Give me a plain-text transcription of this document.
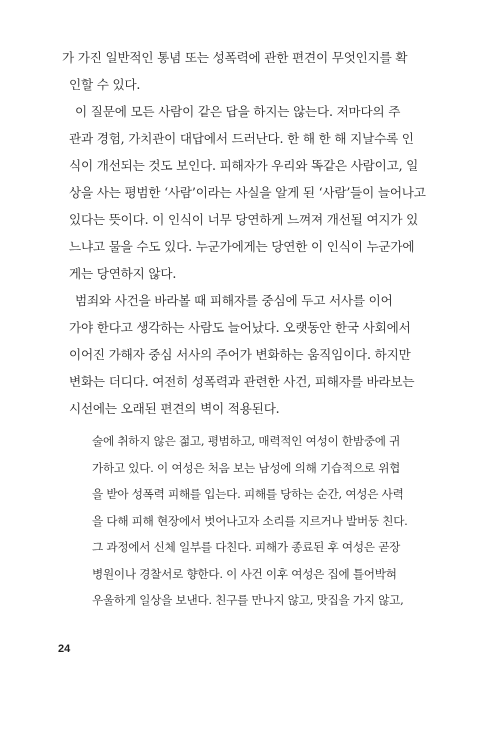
가 가진 일반적인 통념 또는 성폭력에 관한 편견이 무엇인지를 확
인할 수 있다.

이 질문에 모든 사람이 같은 답을 하지는 않는다. 저마다의 주
관과 경험, 가치관이 대답에서 드러난다. 한 해 한 해 지날수록 인
식이 개선되는 것도 보인다. 피해자가 우리와 똑같은 사람이고, 일
상을 사는 평범한 ‘사람’이라는 사실을 알게 된 ‘사람’들이 늘어나고
있다는 뜻이다. 이 인식이 너무 당연하게 느껴져 개선될 여지가 있
느냐고 물을 수도 있다. 누군가에게는 당연한 이 인식이 누군가에
게는 당연하지 않다.

범죄와 사건을 바라볼 때 피해자를 중심에 두고 서사를 이어
가야 한다고 생각하는 사람도 늘어났다. 오랫동안 한국 사회에서
이어진 가해자 중심 서사의 주어가 변화하는 움직임이다. 하지만
변화는 더디다. 여전히 성폭력과 관련한 사건, 피해자를 바라보는
시선에는 오래된 편견의 벽이 적용된다.

술에 취하지 않은 젊고, 평범하고, 매력적인 여성이 한밤중에 귀
가하고 있다. 이 여성은 처음 보는 남성에 의해 기습적으로 위협
을 받아 성폭력 피해를 입는다. 피해를 당하는 순간, 여성은 사력
을 다해 피해 현장에서 벗어나고자 소리를 지르거나 발버둥 친다.
그 과정에서 신체 일부를 다친다. 피해가 종료된 후 여성은 곧장
병원이나 경찰서로 향한다. 이 사건 이후 여성은 집에 틀어박혀
우울하게 일상을 보낸다. 친구를 만나지 않고, 맛집을 가지 않고,

24
